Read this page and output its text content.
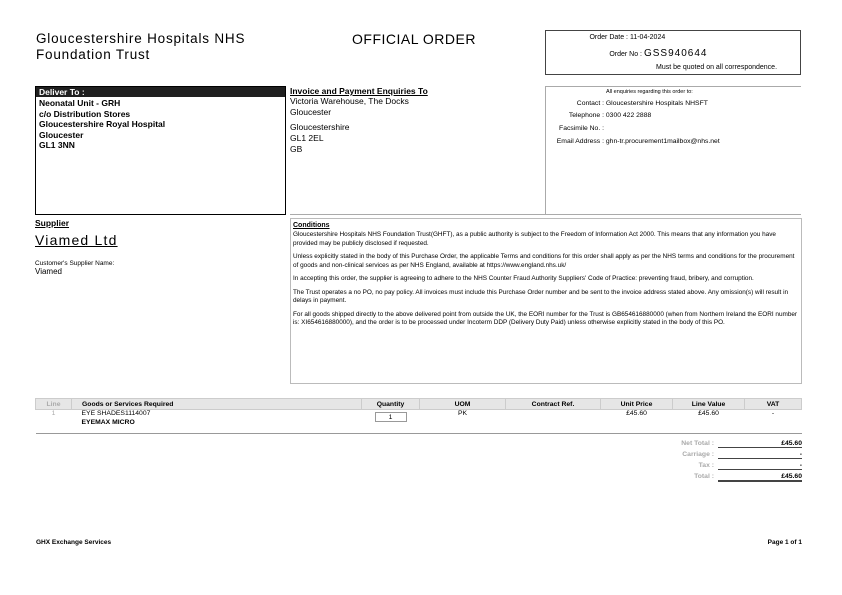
Gloucestershire Hospitals NHS
Foundation Trust
OFFICIAL ORDER	Order Date : 11-04-2024
Order No : GSS940644
Must be quoted on all correspondence.
Deliver To :
Neonatal Unit - GRH
c/o Distribution Stores
Gloucestershire Royal Hospital
Gloucester
GL1 3NN
Invoice and Payment Enquiries To
Victoria Warehouse, The Docks
Gloucester
Gloucestershire
GL1 2EL
GB
All enquiries regarding this order to:
Contact : Gloucestershire Hospitals NHSFT
Telephone : 0300 422 2888
Facsimile No. :
Email Address : ghn-tr.procurement1mailbox@nhs.net
Supplier
Viamed Ltd
Customer's Supplier Name:
Viamed
Conditions

Gloucestershire Hospitals NHS Foundation Trust(GHFT), as a public authority is subject to the Freedom of Information Act 2000. This means that any information you have provided may be publicly disclosed if requested.

Unless explicitly stated in the body of this Purchase Order, the applicable Terms and conditions for this order shall apply as per the NHS terms and conditions for the procurement of goods and non-clinical services as per NHS England, available at https://www.england.nhs.uk/

In accepting this order, the supplier is agreeing to adhere to the NHS Counter Fraud Authority Suppliers' Code of Practice: preventing fraud, bribery, and corruption.

The Trust operates a no PO, no pay policy. All invoices must include this Purchase Order number and be sent to the invoice address stated above. Any omission(s) will result in delays in payment.

For all goods shipped directly to the above delivered point from outside the UK, the EORI number for the Trust is GB654616880000 (when from Northern Ireland the EORI number is: XI654616880000), and the order is to be processed under Incoterm DDP (Delivery Duty Paid) unless otherwise explicitly stated in the body of this PO.

Line	Goods or Services Required	Quantity	UOM	Contract Ref.	Unit Price	Line Value	VAT
1	EYE SHADES1114007
EYEMAX MICRO	1	PK		£45.60	£45.60	-
Net Total :	£45.60
Carriage :	-
Tax :	-
Total :	£45.60
GHX Exchange Services	Page 1 of 1
